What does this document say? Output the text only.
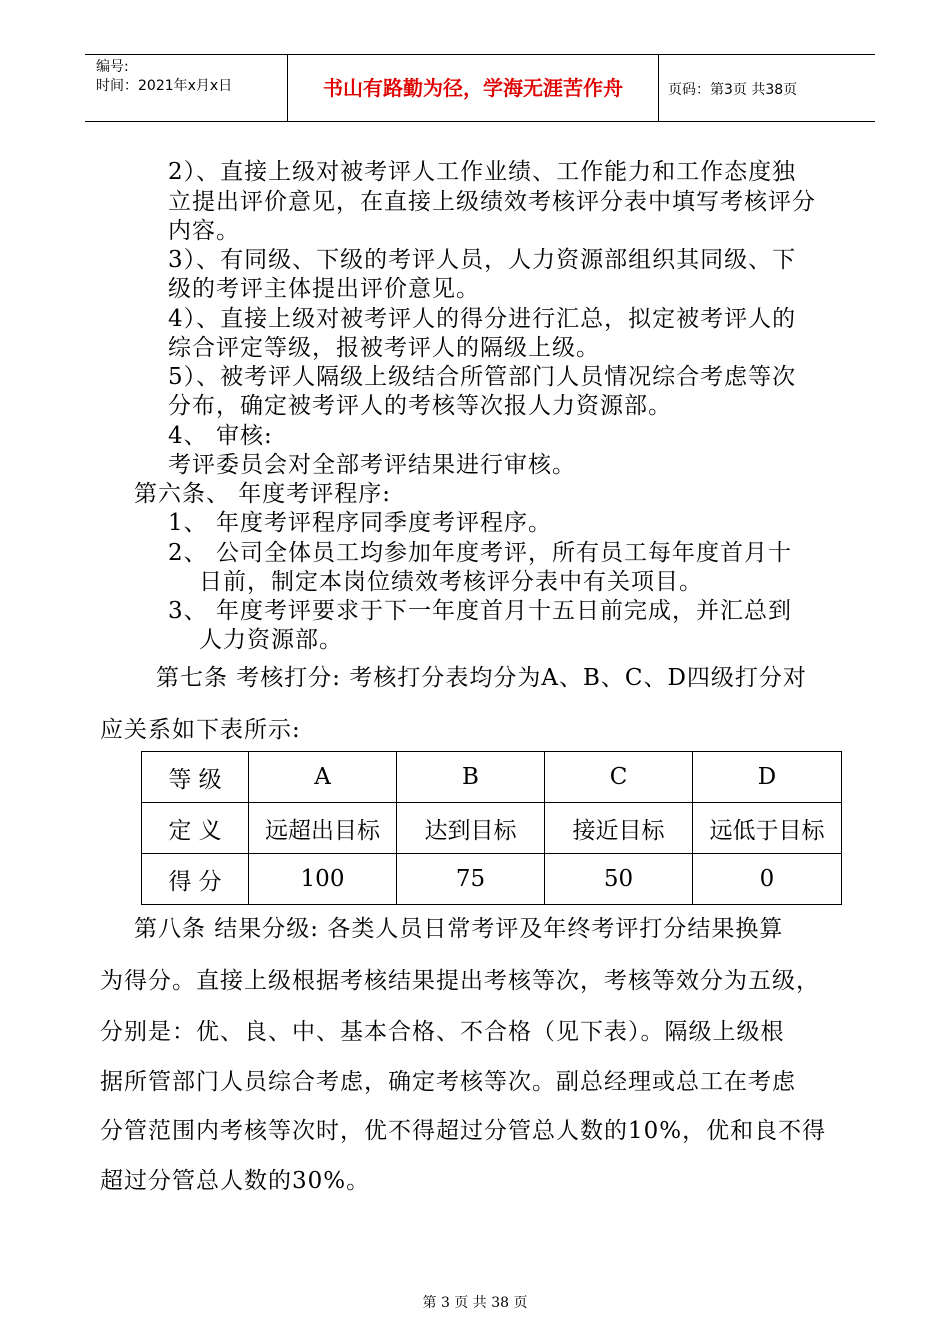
编号:
时间：2021年x月x日	书山有路勤为径，学海无涯苦作舟	页码：第3页 共38页
2）、直接上级对被考评人工作业绩、工作能力和工作态度独
立提出评价意见，在直接上级绩效考核评分表中填写考核评分
内容。
3）、有同级、下级的考评人员，人力资源部组织其同级、下
级的考评主体提出评价意见。
4）、直接上级对被考评人的得分进行汇总，拟定被考评人的
综合评定等级，报被考评人的隔级上级。
5）、被考评人隔级上级结合所管部门人员情况综合考虑等次
分布，确定被考评人的考核等次报人力资源部。
4、 审核:
考评委员会对全部考评结果进行审核。
第六条、 年度考评程序:
1、 年度考评程序同季度考评程序。
2、 公司全体员工均参加年度考评，所有员工每年度首月十
日前，制定本岗位绩效考核评分表中有关项目。
3、 年度考评要求于下一年度首月十五日前完成，并汇总到
人力资源部。
第七条 考核打分: 考核打分表均分为A、B、C、D四级打分对
应关系如下表所示:
等 级	A	B	C	D
定 义	远超出目标	达到目标	接近目标	远低于目标
得 分	100	75	50	0
第八条 结果分级: 各类人员日常考评及年终考评打分结果换算
为得分。直接上级根据考核结果提出考核等次，考核等效分为五级，
分别是：优、良、中、基本合格、不合格（见下表）。隔级上级根
据所管部门人员综合考虑，确定考核等次。副总经理或总工在考虑
分管范围内考核等次时，优不得超过分管总人数的10%，优和良不得
超过分管总人数的30%。
第 3 页 共 38 页
